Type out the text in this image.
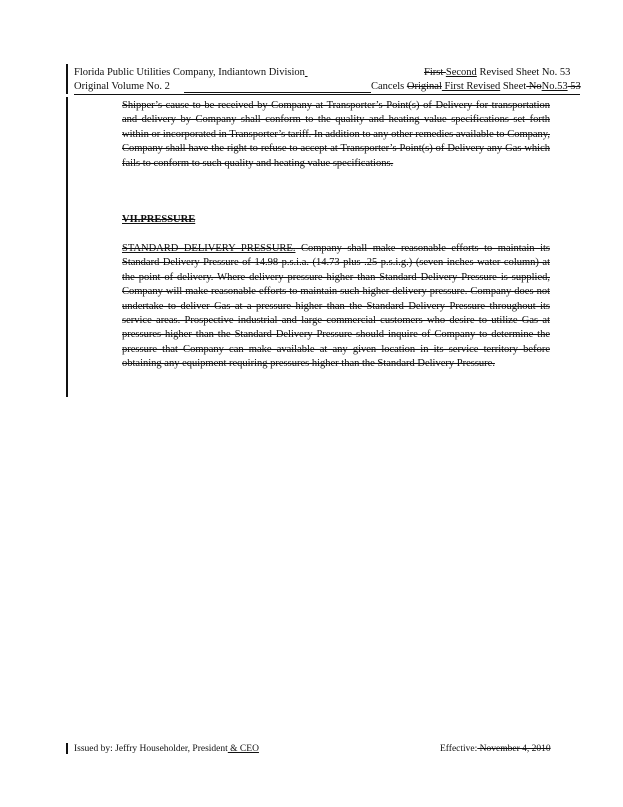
Florida Public Utilities Company, Indiantown Division	First Second Revised Sheet No. 53
Original Volume No. 2	Cancels Original First Revised Sheet NoNo.53 53
Shipper’s cause to be received by Company at Transporter’s Point(s) of Delivery for transportation and delivery by Company shall conform to the quality and heating value specifications set forth within or incorporated in Transporter’s tariff. In addition to any other remedies available to Company, Company shall have the right to refuse to accept at Transporter’s Point(s) of Delivery any Gas which fails to conform to such quality and heating value specifications.
VII.PRESSURE
STANDARD DELIVERY PRESSURE. Company shall make reasonable efforts to maintain its Standard Delivery Pressure of 14.98 p.s.i.a. (14.73 plus .25 p.s.i.g.) (seven inches water column) at the point of delivery. Where delivery pressure higher than Standard Delivery Pressure is supplied, Company will make reasonable efforts to maintain such higher delivery pressure. Company does not undertake to deliver Gas at a pressure higher than the Standard Delivery Pressure throughout its service areas. Prospective industrial and large commercial customers who desire to utilize Gas at pressures higher than the Standard Delivery Pressure should inquire of Company to determine the pressure that Company can make available at any given location in its service territory before obtaining any equipment requiring pressures higher than the Standard Delivery Pressure.
Issued by: Jeffry Householder, President & CEO	Effective: November 4, 2010
